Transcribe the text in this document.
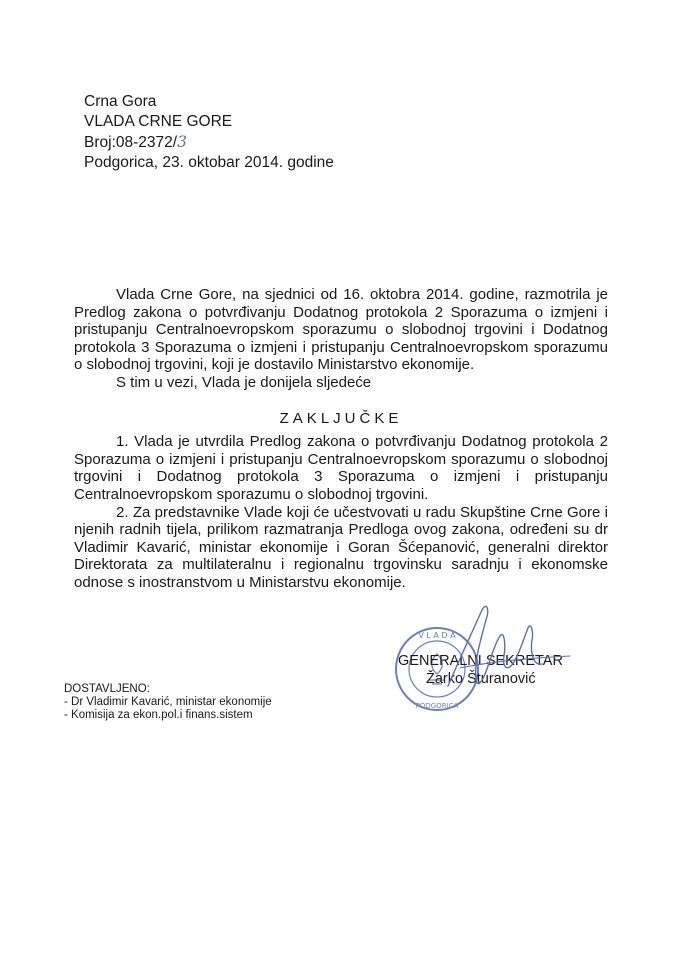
Crna Gora
VLADA CRNE GORE
Broj:08-2372/3
Podgorica, 23. oktobar 2014. godine

Vlada Crne Gore, na sjednici od 16. oktobra 2014. godine, razmotrila je Predlog zakona o potvrđivanju Dodatnog protokola 2 Sporazuma o izmjeni i pristupanju Centralnoevropskom sporazumu o slobodnoj trgovini i Dodatnog protokola 3 Sporazuma o izmjeni i pristupanju Centralnoevropskom sporazumu o slobodnoj trgovini, koji je dostavilo Ministarstvo ekonomije.

S tim u vezi, Vlada je donijela sljedeće

ZAKLJUČKE

1. Vlada je utvrdila Predlog zakona o potvrđivanju Dodatnog protokola 2 Sporazuma o izmjeni i pristupanju Centralnoevropskom sporazumu o slobodnoj trgovini i Dodatnog protokola 3 Sporazuma o izmjeni i pristupanju Centralnoevropskom sporazumu o slobodnoj trgovini.

2. Za predstavnike Vlade koji će učestvovati u radu Skupštine Crne Gore i njenih radnih tijela, prilikom razmatranja Predloga ovog zakona, određeni su dr Vladimir Kavarić, ministar ekonomije i Goran Šćepanović, generalni direktor Direktorata za multilateralnu i regionalnu trgovinsku saradnju i ekonomske odnose s inostranstvom u Ministarstvu ekonomije.

V L A D A
PODGORICA
GENERALNI SEKRETAR
Žarko Šturanović
DOSTAVLJENO:
- Dr Vladimir Kavarić, ministar ekonomije
- Komisija za ekon.pol.i finans.sistem
